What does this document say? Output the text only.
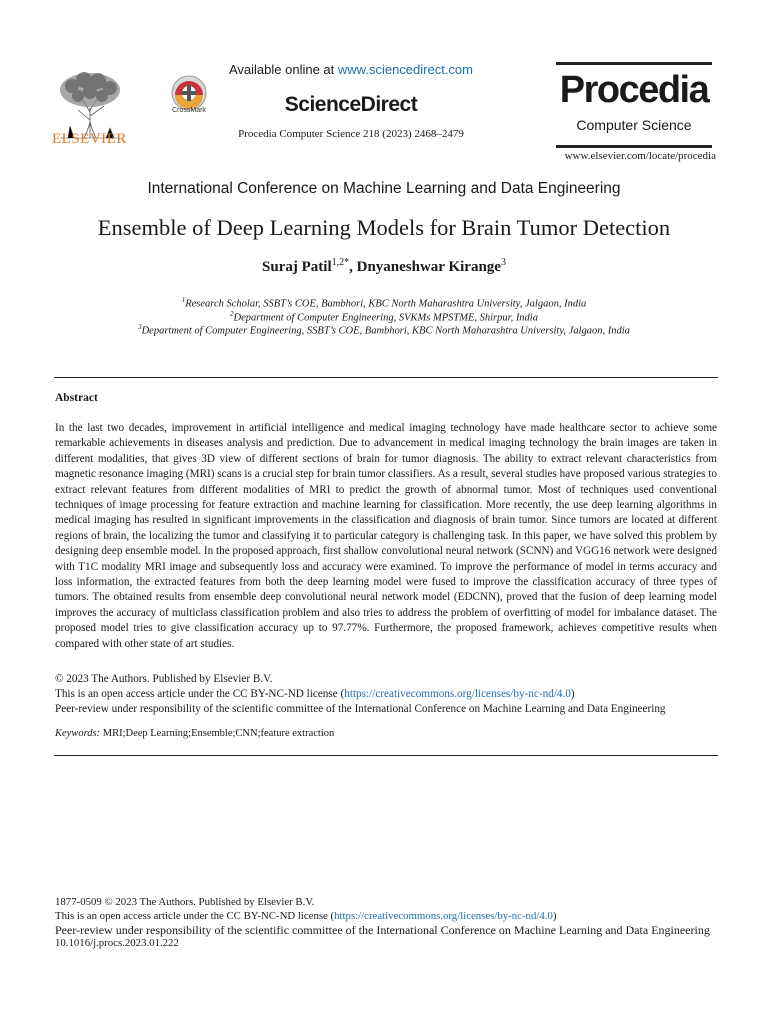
ELSEVIER
CrossMark
Available online at www.sciencedirect.com
ScienceDirect
Procedia Computer Science 218 (2023) 2468–2479
Procedia
Computer Science
www.elsevier.com/locate/procedia
International Conference on Machine Learning and Data Engineering
Ensemble of Deep Learning Models for Brain Tumor Detection
Suraj Patil$^{1,2*}$, Dnyaneshwar Kirange$^3$
$^1$Research Scholar, SSBT’s COE, Bambhori, KBC North Maharashtra University, Jalgaon, India
$^2$Department of Computer Engineering, SVKMs MPSTME, Shirpur, India
$^3$Department of Computer Engineering, SSBT’s COE, Bambhori, KBC North Maharashtra University, Jalgaon, India
Abstract
In the last two decades, improvement in artificial intelligence and medical imaging technology have made healthcare sector to achieve some remarkable achievements in diseases analysis and prediction. Due to advancement in medical imaging technology the brain images are taken in different modalities, that gives 3D view of different sections of brain for tumor diagnosis. The ability to extract relevant characteristics from magnetic resonance imaging (MRI) scans is a crucial step for brain tumor classifiers. As a result, several studies have proposed various strategies to extract relevant features from different modalities of MRI to predict the growth of abnormal tumor. Most of techniques used conventional techniques of image processing for feature extraction and machine learning for classification. More recently, the use deep learning algorithms in medical imaging has resulted in significant improvements in the classification and diagnosis of brain tumor. Since tumors are located at different regions of brain, the localizing the tumor and classifying it to particular category is challenging task. In this paper, we have solved this problem by designing deep ensemble model. In the proposed approach, first shallow convolutional neural network (SCNN) and VGG16 network were designed with T1C modality MRI image and subsequently loss and accuracy were examined. To improve the performance of model in terms accuracy and loss information, the extracted features from both the deep learning model were fused to improve the classification accuracy of three types of tumors. The obtained results from ensemble deep convolutional neural network model (EDCNN), proved that the fusion of deep learning model improves the accuracy of multiclass classification problem and also tries to address the problem of overfitting of model for imbalance dataset. The proposed model tries to give classification accuracy up to 97.77%. Furthermore, the proposed framework, achieves competitive results when compared with other state of art studies.
© 2023 The Authors. Published by Elsevier B.V.
This is an open access article under the CC BY-NC-ND license (https://creativecommons.org/licenses/by-nc-nd/4.0)
Peer-review under responsibility of the scientific committee of the International Conference on Machine Learning and Data Engineering
Keywords: MRI;Deep Learning;Ensemble;CNN;feature extraction
1877-0509 © 2023 The Authors. Published by Elsevier B.V.
This is an open access article under the CC BY-NC-ND license (https://creativecommons.org/licenses/by-nc-nd/4.0)
Peer-review under responsibility of the scientific committee of the International Conference on Machine Learning and Data Engineering
10.1016/j.procs.2023.01.222
